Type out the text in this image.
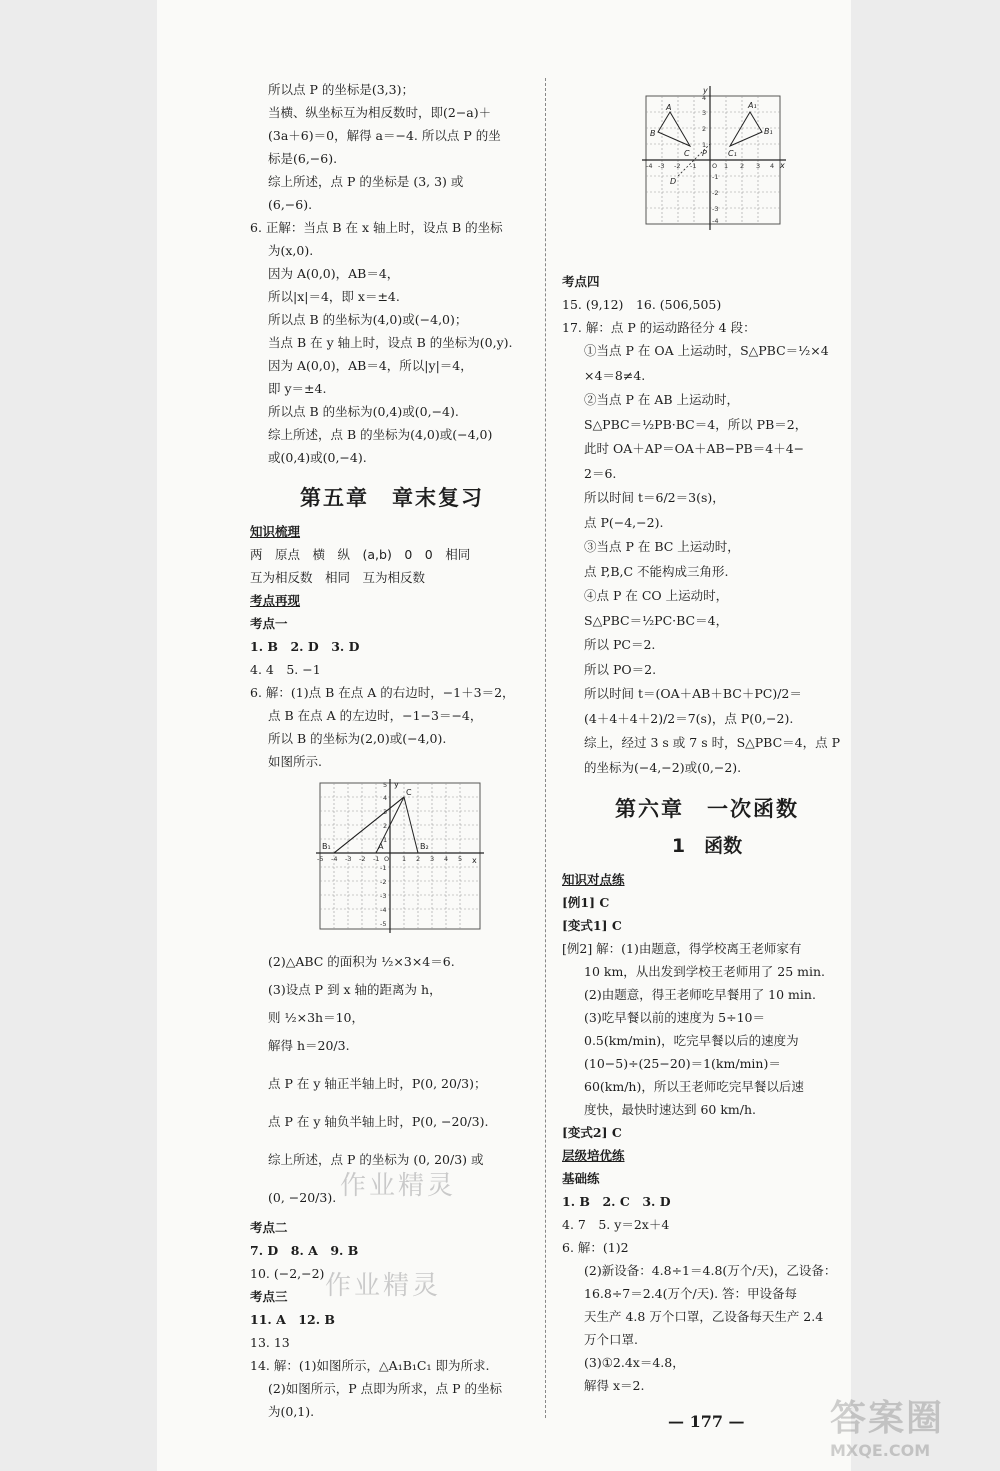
所以点 P 的坐标是(3,3)；
当横、纵坐标互为相反数时，即(2−a)＋
(3a＋6)＝0，解得 a＝−4. 所以点 P 的坐
标是(6,−6).
综上所述，点 P 的坐标是 (3, 3) 或
(6,−6).
6. 正解：当点 B 在 x 轴上时，设点 B 的坐标
为(x,0).
因为 A(0,0)，AB＝4，
所以|x|＝4，即 x＝±4.
所以点 B 的坐标为(4,0)或(−4,0)；
当点 B 在 y 轴上时，设点 B 的坐标为(0,y).
因为 A(0,0)，AB＝4，所以|y|＝4，
即 y＝±4.
所以点 B 的坐标为(0,4)或(0,−4).
综上所述，点 B 的坐标为(4,0)或(−4,0)
或(0,4)或(0,−4).
第五章　章末复习
知识梳理
两　原点　横　纵　(a,b)　0　0　相同
互为相反数　相同　互为相反数
考点再现
考点一
1. B　2. D　3. D
4. 4　5. −1
6. 解：(1)点 B 在点 A 的右边时，−1＋3＝2，
点 B 在点 A 的左边时，−1−3＝−4，
所以 B 的坐标为(2,0)或(−4,0).
如图所示.
C
B₁	A	B₂
x
y
-5 -4 -3 -2 -1 O 1 2 3 4 5
5
4
3
2
1
-1
-2
-3
-4
-5
(2)△ABC 的面积为 ½×3×4＝6.
(3)设点 P 到 x 轴的距离为 h，
则 ½×3h＝10，
解得 h＝20/3.
点 P 在 y 轴正半轴上时，P(0, 20/3)；
点 P 在 y 轴负半轴上时，P(0, −20/3).
综上所述，点 P 的坐标为 (0, 20/3) 或
(0, −20/3).
考点二
7. D　8. A　9. B
10. (−2,−2)
考点三
11. A　12. B
13. 13
14. 解：(1)如图所示，△A₁B₁C₁ 即为所求.
(2)如图所示，P 点即为所求，点 P 的坐标
为(0,1).
作业精灵
作业精灵
A
B
C
A₁
B₁
C₁
P
D
x
y
-4 -3 -2 -1 O 1 2 3 4
4
3
2
1
-1
-2
-3
-4
考点四
15. (9,12)　16. (506,505)
17. 解：点 P 的运动路径分 4 段：
①当点 P 在 OA 上运动时，S△PBC＝½×4
×4＝8≠4.
②当点 P 在 AB 上运动时，
S△PBC＝½PB·BC＝4，所以 PB＝2，
此时 OA＋AP＝OA＋AB−PB＝4＋4−
2＝6.
所以时间 t＝6/2＝3(s)，
点 P(−4,−2).
③当点 P 在 BC 上运动时，
点 P,B,C 不能构成三角形.
④点 P 在 CO 上运动时，
S△PBC＝½PC·BC＝4，
所以 PC＝2.
所以 PO＝2.
所以时间 t＝(OA＋AB＋BC＋PC)/2＝
(4＋4＋4＋2)/2＝7(s)，点 P(0,−2).
综上，经过 3 s 或 7 s 时，S△PBC＝4，点 P
的坐标为(−4,−2)或(0,−2).
第六章　一次函数
1　函数
知识对点练
[例1] C
[变式1] C
[例2] 解：(1)由题意，得学校离王老师家有
10 km，从出发到学校王老师用了 25 min.
(2)由题意，得王老师吃早餐用了 10 min.
(3)吃早餐以前的速度为 5÷10＝
0.5(km/min)，吃完早餐以后的速度为
(10−5)÷(25−20)＝1(km/min)＝
60(km/h)，所以王老师吃完早餐以后速
度快，最快时速达到 60 km/h.
[变式2] C
层级培优练
基础练
1. B　2. C　3. D
4. 7　5. y＝2x＋4
6. 解：(1)2
(2)新设备：4.8÷1＝4.8(万个/天)，乙设备：
16.8÷7＝2.4(万个/天). 答：甲设备每
天生产 4.8 万个口罩，乙设备每天生产 2.4
万个口罩.
(3)①2.4x＝4.8，
解得 x＝2.
— 177 — 答案圈
MXQE.COM
